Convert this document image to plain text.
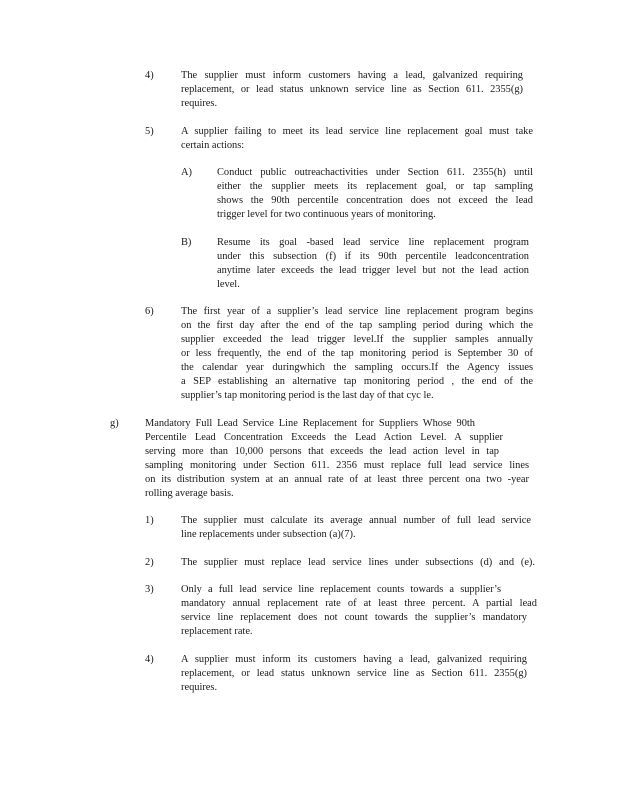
4)	The supplier must inform customers having a lead, galvanized requiring
replacement, or lead status unknown service line as Section 611. 2355(g)
requires.
5)	A supplier failing to meet its lead service line replacement goal must take
certain actions:
A) Conduct public outreachactivities under Section 611. 2355(h) until
either the supplier meets its replacement goal, or tap sampling
shows the 90th percentile concentration does not exceed the lead
trigger level for two continuous years of monitoring.
B) Resume its goal -based lead service line replacement program
under this subsection (f) if its 90th percentile leadconcentration
anytime later exceeds the lead trigger level but not the lead action
level.
6)	The first year of a supplier’s lead service line replacement program begins
on the first day after the end of the tap sampling period during which the
supplier exceeded the lead trigger level.If the supplier samples annually
or less frequently, the end of the tap monitoring period is September 30 of
the calendar year duringwhich the sampling occurs.If the Agency issues
a SEP establishing an alternative tap monitoring period , the end of the
supplier’s tap monitoring period is the last day of that cyc le.
g)	Mandatory Full Lead Service Line Replacement for Suppliers Whose 90th
Percentile Lead Concentration Exceeds the Lead Action Level. A supplier
serving more than 10,000 persons that exceeds the lead action level in tap
sampling monitoring under Section 611. 2356 must replace full lead service lines
on its distribution system at an annual rate of at least three percent ona two -year
rolling average basis.
1)	The supplier must calculate its average annual number of full lead service
line replacements under subsection (a)(7).
2)	The supplier must replace lead service lines under subsections (d) and (e).
3)	Only a full lead service line replacement counts towards a supplier’s
mandatory annual replacement rate of at least three percent. A partial lead
service line replacement does not count towards the supplier’s mandatory
replacement rate.
4)	A supplier must inform its customers having a lead, galvanized requiring
replacement, or lead status unknown service line as Section 611. 2355(g)
requires.
